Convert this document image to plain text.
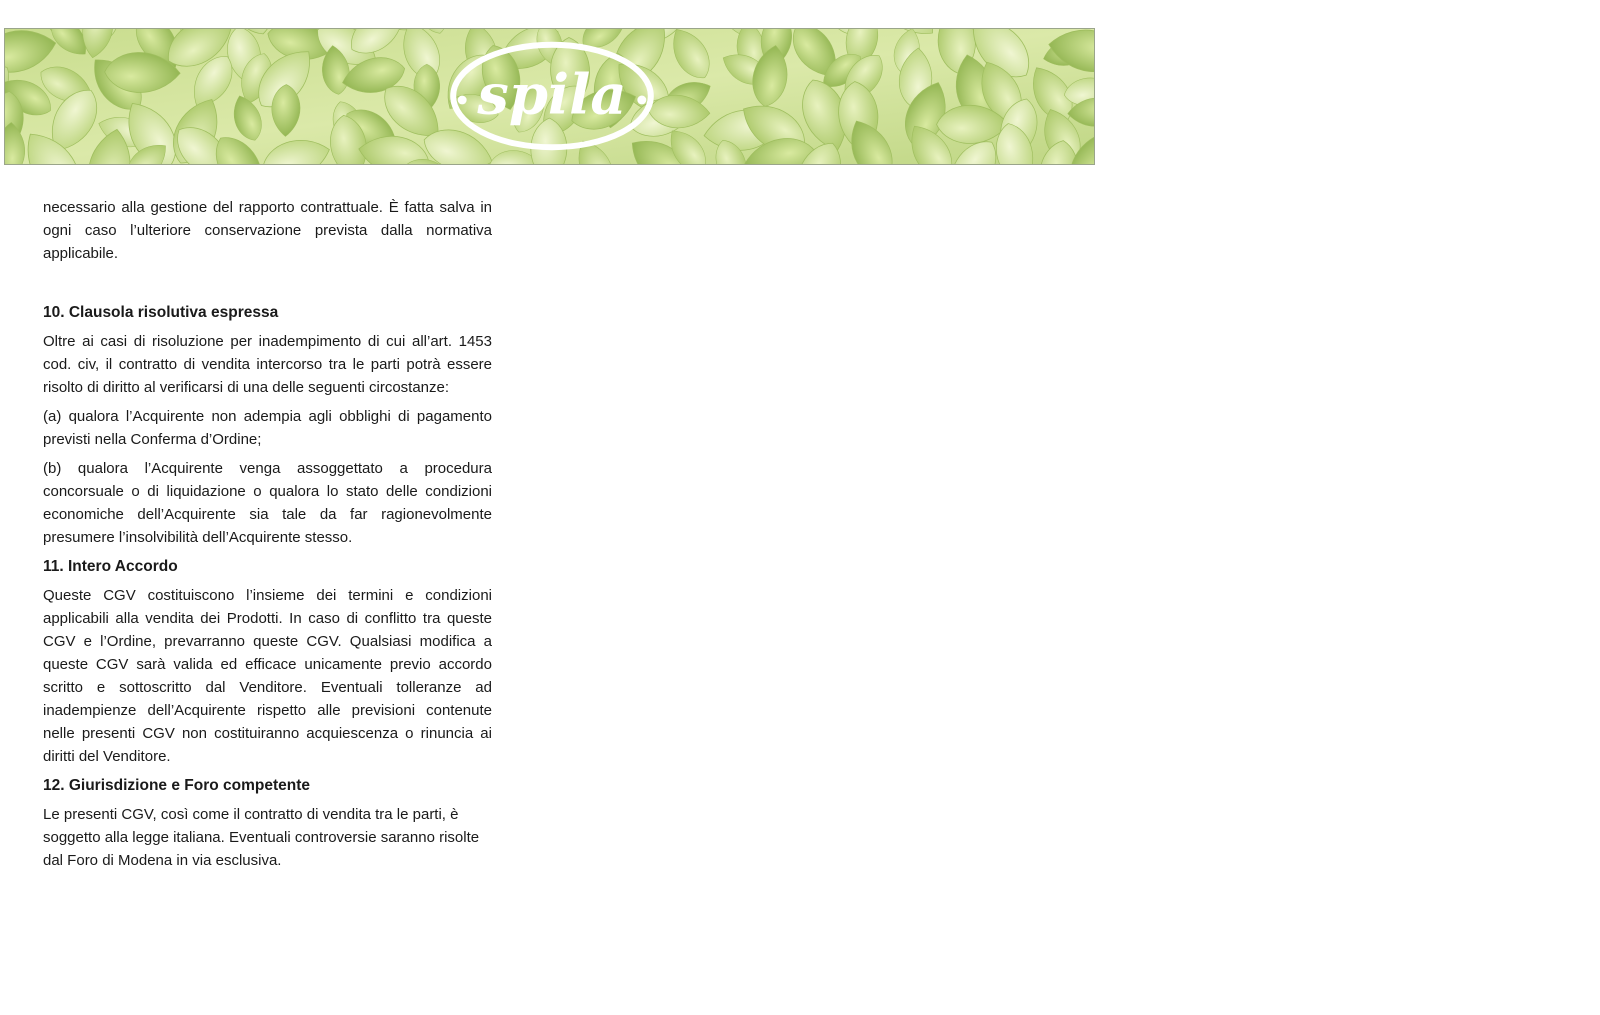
spila

necessario alla gestione del rapporto contrattuale. È fatta salva in ogni caso l’ulteriore conservazione prevista dalla normativa applicabile.

10. Clausola risolutiva espressa

Oltre ai casi di risoluzione per inadempimento di cui all’art. 1453 cod. civ, il contratto di vendita intercorso tra le parti potrà essere risolto di diritto al verificarsi di una delle seguenti circostanze:

(a) qualora l’Acquirente non adempia agli obblighi di pagamento previsti nella Conferma d’Ordine;

(b) qualora l’Acquirente venga assoggettato a procedura concorsuale o di liquidazione o qualora lo stato delle condizioni economiche dell’Acquirente sia tale da far ragionevolmente presumere l’insolvibilità dell’Acquirente stesso.

11. Intero Accordo

Queste CGV costituiscono l’insieme dei termini e condizioni applicabili alla vendita dei Prodotti. In caso di conflitto tra queste CGV e l’Ordine, prevarranno queste CGV. Qualsiasi modifica a queste CGV sarà valida ed efficace unicamente previo accordo scritto e sottoscritto dal Venditore. Eventuali tolleranze ad inadempienze dell’Acquirente rispetto alle previsioni contenute nelle presenti CGV non costituiranno acquiescenza o rinuncia ai diritti del Venditore.

12. Giurisdizione e Foro competente

Le presenti CGV, così come il contratto di vendita tra le parti, è soggetto alla legge italiana. Eventuali controversie saranno risolte dal Foro di Modena in via esclusiva.
